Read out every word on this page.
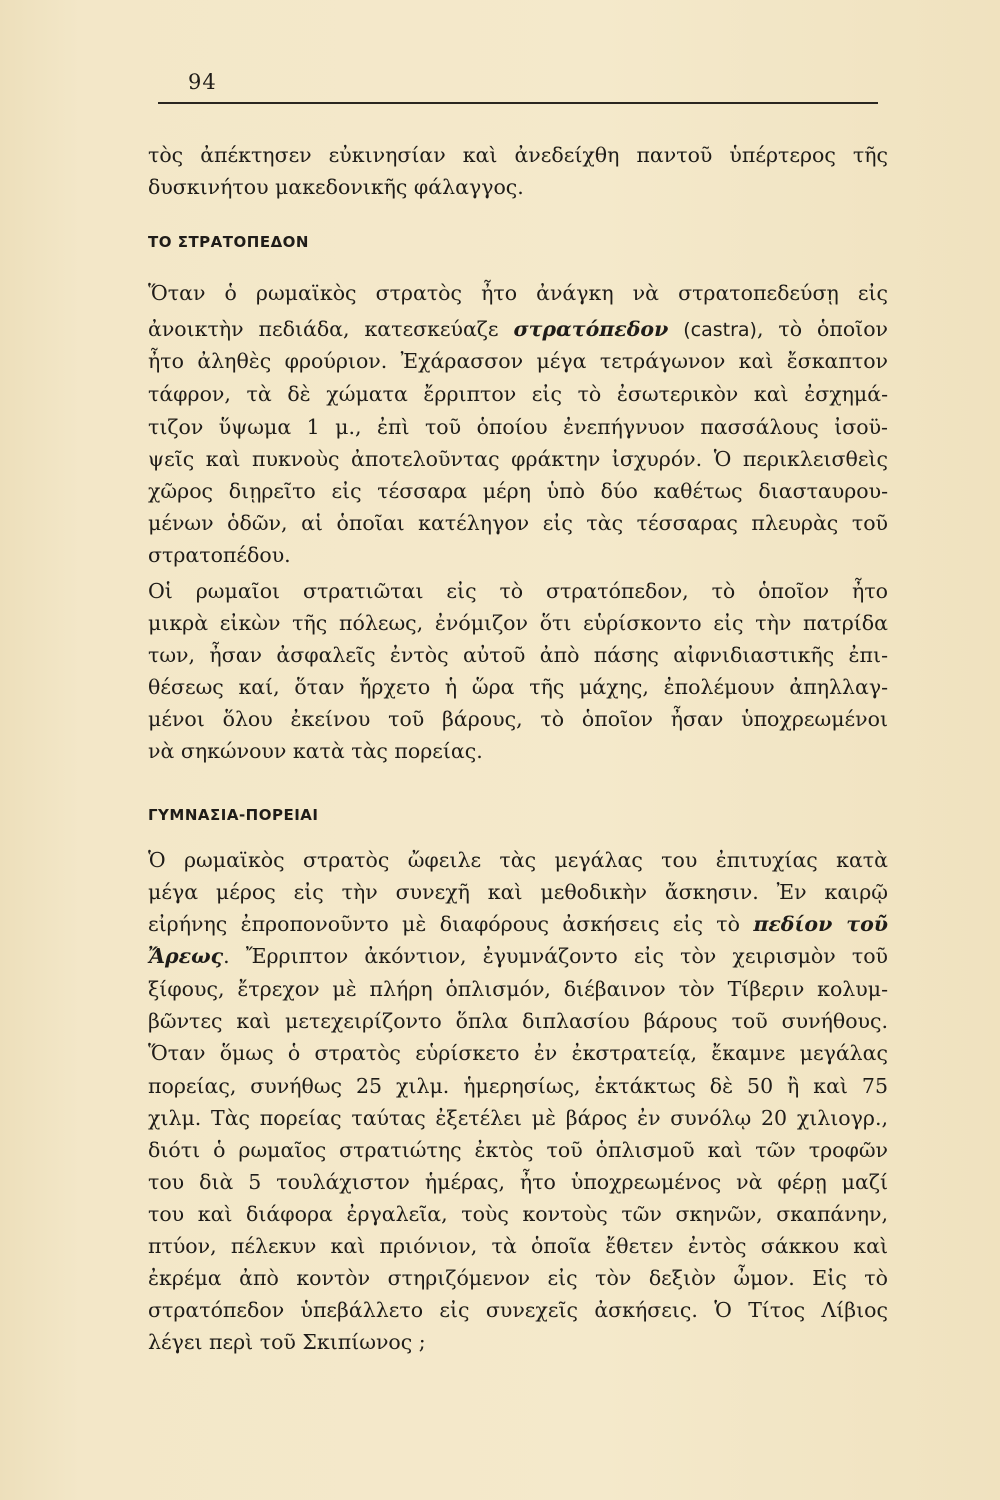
94
τὸς ἀπέκτησεν εὐκινησίαν καὶ ἀνεδείχθη παντοῦ ὑπέρτερος τῆς
δυσκινήτου μακεδονικῆς φάλαγγος.
ΤΟ ΣΤΡΑΤΟΠΕΔΟΝ
Ὅταν ὁ ρωμαϊκὸς στρατὸς ἦτο ἀνάγκη νὰ στρατοπεδεύσῃ εἰς
ἀνοικτὴν πεδιάδα, κατεσκεύαζε στρατόπεδον (castra), τὸ ὁποῖον
ἦτο ἀληθὲς φρούριον. Ἐχάρασσον μέγα τετράγωνον καὶ ἔσκαπτον
τάφρον, τὰ δὲ χώματα ἔρριπτον εἰς τὸ ἐσωτερικὸν καὶ ἐσχημά-
τιζον ὕψωμα 1 μ., ἐπὶ τοῦ ὁποίου ἐνεπήγνυον πασσάλους ἰσοϋ-
ψεῖς καὶ πυκνοὺς ἀποτελοῦντας φράκτην ἰσχυρόν. Ὁ περικλεισθεὶς
χῶρος διῃρεῖτο εἰς τέσσαρα μέρη ὑπὸ δύο καθέτως διασταυρου-
μένων ὁδῶν, αἱ ὁποῖαι κατέληγον εἰς τὰς τέσσαρας πλευρὰς τοῦ
στρατοπέδου.
Οἱ ρωμαῖοι στρατιῶται εἰς τὸ στρατόπεδον, τὸ ὁποῖον ἦτο
μικρὰ εἰκὼν τῆς πόλεως, ἐνόμιζον ὅτι εὑρίσκοντο εἰς τὴν πατρίδα
των, ἦσαν ἀσφαλεῖς ἐντὸς αὐτοῦ ἀπὸ πάσης αἰφνιδιαστικῆς ἐπι-
θέσεως καί, ὅταν ἤρχετο ἡ ὥρα τῆς μάχης, ἐπολέμουν ἀπηλλαγ-
μένοι ὅλου ἐκείνου τοῦ βάρους, τὸ ὁποῖον ἦσαν ὑποχρεωμένοι
νὰ σηκώνουν κατὰ τὰς πορείας.
ΓΥΜΝΑΣΙΑ-ΠΟΡΕΙΑΙ
Ὁ ρωμαϊκὸς στρατὸς ὤφειλε τὰς μεγάλας του ἐπιτυχίας κατὰ
μέγα μέρος εἰς τὴν συνεχῆ καὶ μεθοδικὴν ἄσκησιν. Ἐν καιρῷ
εἰρήνης ἐπροπονοῦντο μὲ διαφόρους ἀσκήσεις εἰς τὸ πεδίον τοῦ
Ἄρεως. Ἔρριπτον ἀκόντιον, ἐγυμνάζοντο εἰς τὸν χειρισμὸν τοῦ
ξίφους, ἔτρεχον μὲ πλήρη ὁπλισμόν, διέβαινον τὸν Τίβεριν κολυμ-
βῶντες καὶ μετεχειρίζοντο ὅπλα διπλασίου βάρους τοῦ συνήθους.
Ὅταν ὅμως ὁ στρατὸς εὑρίσκετο ἐν ἐκστρατείᾳ, ἔκαμνε μεγάλας
πορείας, συνήθως 25 χιλμ. ἡμερησίως, ἐκτάκτως δὲ 50 ἢ καὶ 75
χιλμ. Τὰς πορείας ταύτας ἐξετέλει μὲ βάρος ἐν συνόλῳ 20 χιλιογρ.,
διότι ὁ ρωμαῖος στρατιώτης ἐκτὸς τοῦ ὁπλισμοῦ καὶ τῶν τροφῶν
του διὰ 5 τουλάχιστον ἡμέρας, ἦτο ὑποχρεωμένος νὰ φέρῃ μαζί
του καὶ διάφορα ἐργαλεῖα, τοὺς κοντοὺς τῶν σκηνῶν, σκαπάνην,
πτύον, πέλεκυν καὶ πριόνιον, τὰ ὁποῖα ἔθετεν ἐντὸς σάκκου καὶ
ἐκρέμα ἀπὸ κοντὸν στηριζόμενον εἰς τὸν δεξιὸν ὦμον. Εἰς τὸ
στρατόπεδον ὑπεβάλλετο εἰς συνεχεῖς ἀσκήσεις. Ὁ Τίτος Λίβιος
λέγει περὶ τοῦ Σκιπίωνος ;
